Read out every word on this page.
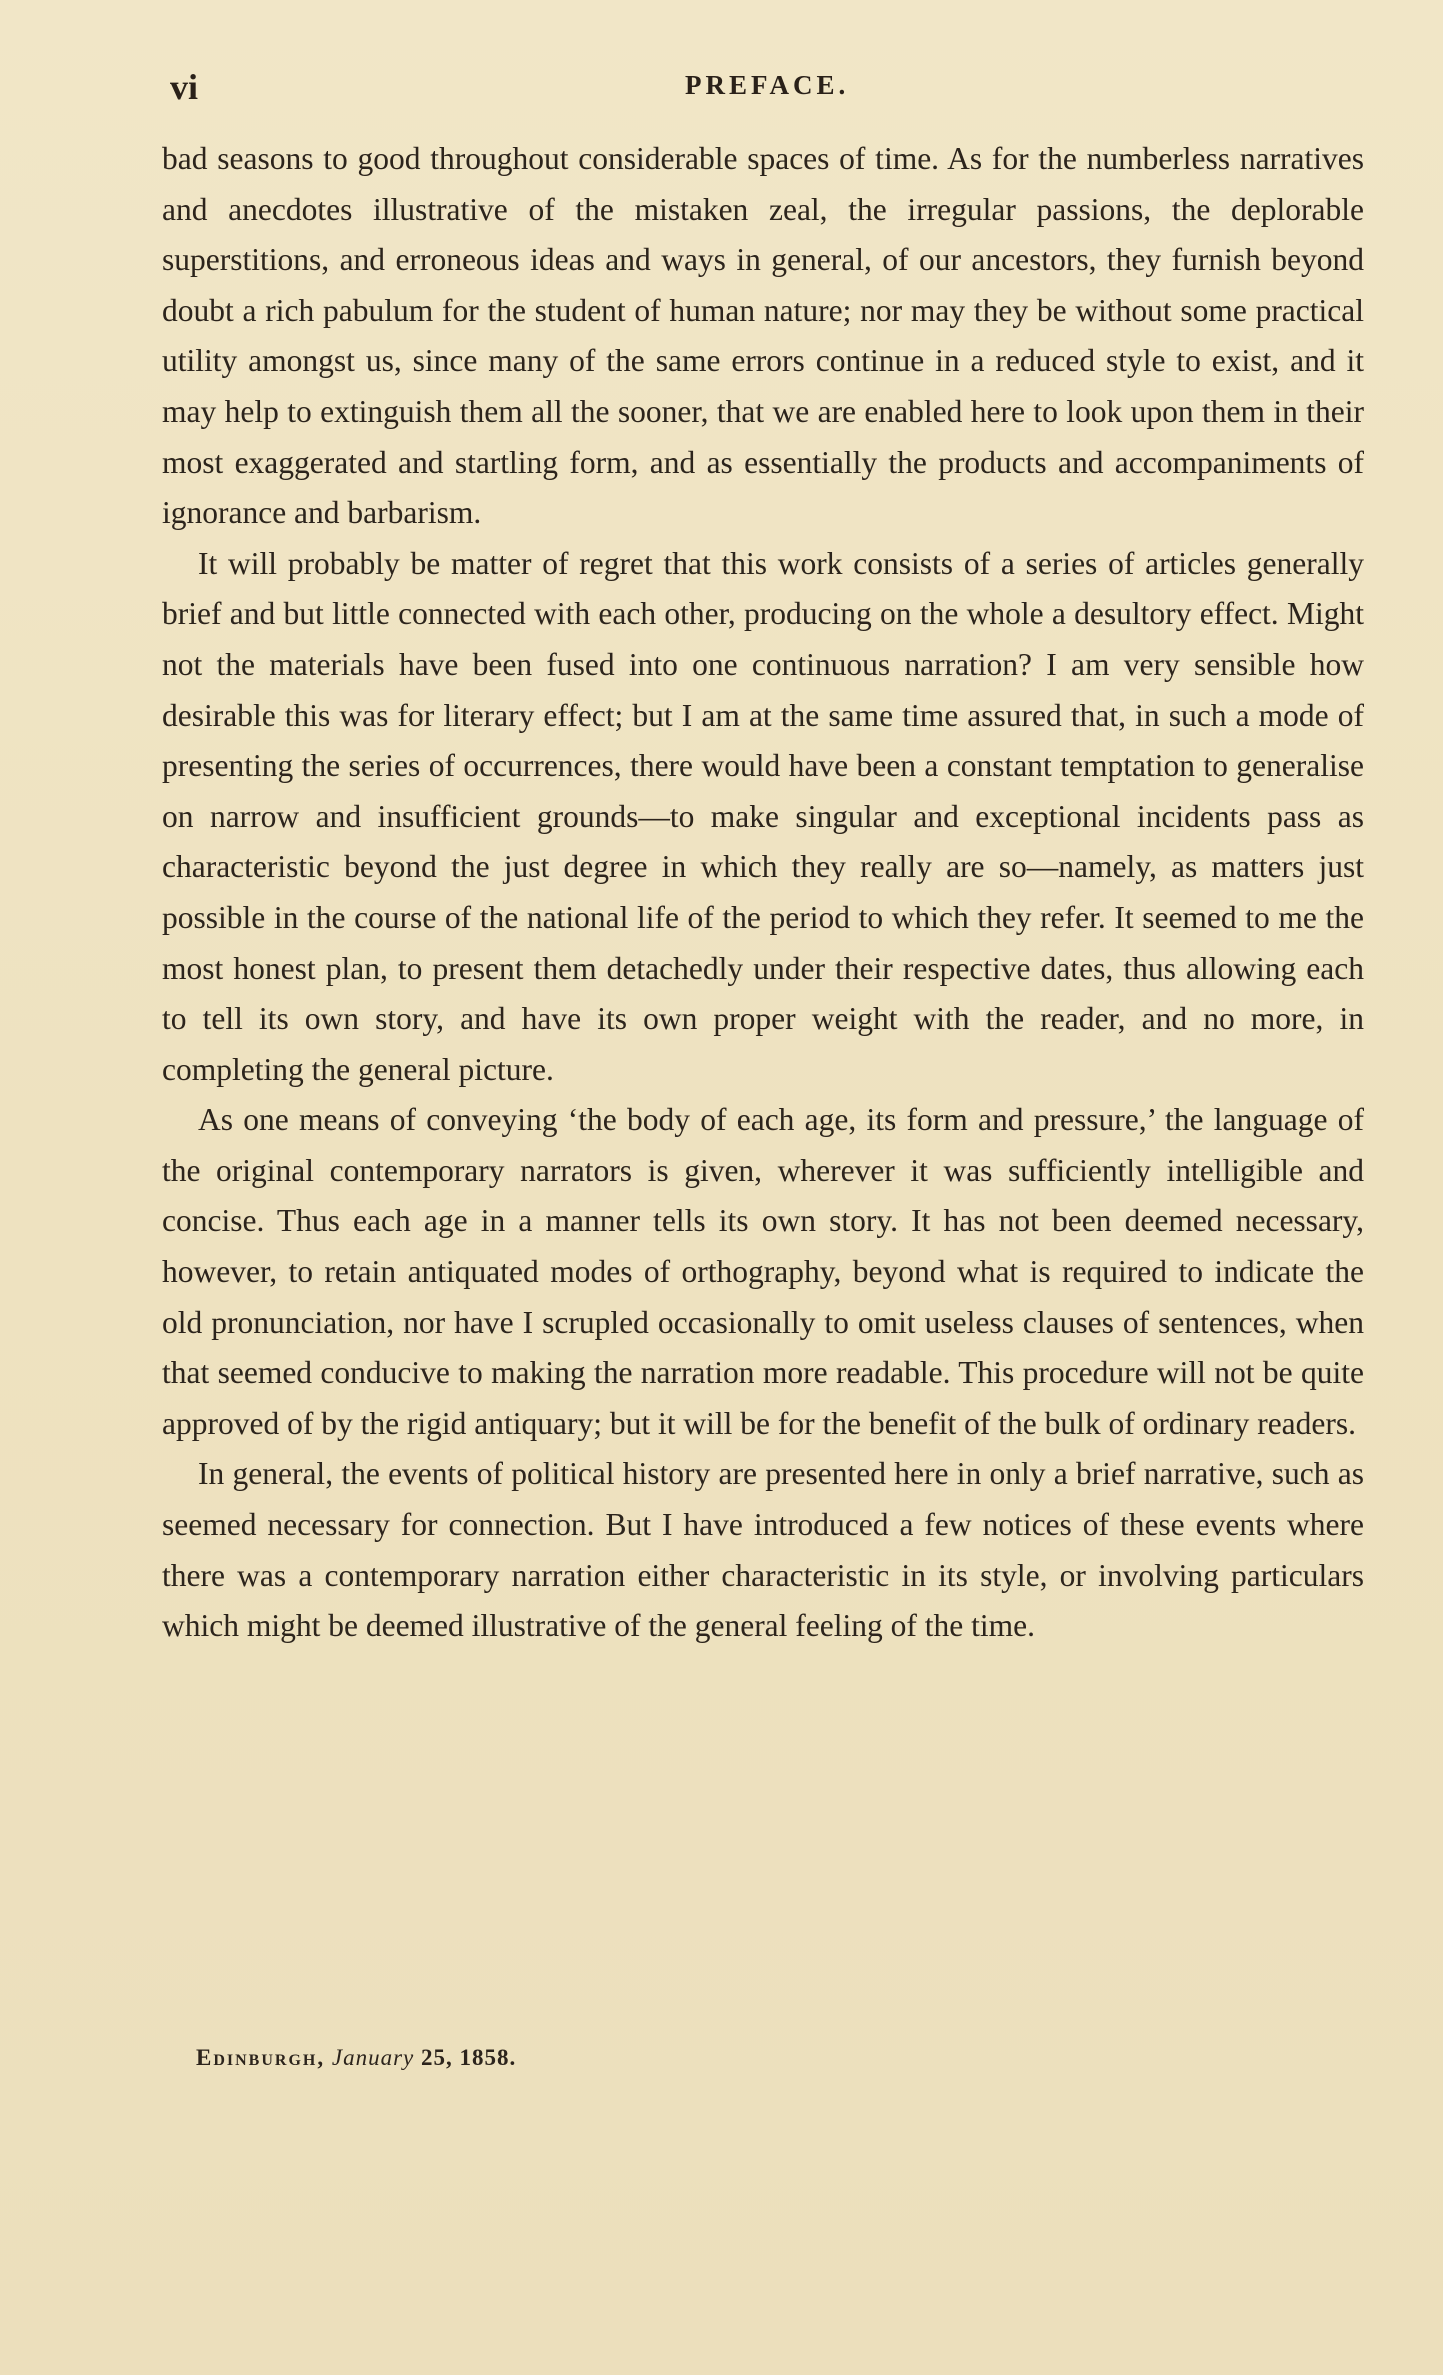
vi	PREFACE.

bad seasons to good throughout considerable spaces of time. As for the numberless narratives and anecdotes illustrative of the mistaken zeal, the irregular passions, the deplorable superstitions, and erroneous ideas and ways in general, of our ancestors, they furnish beyond doubt a rich pabulum for the student of human nature; nor may they be without some practical utility amongst us, since many of the same errors continue in a reduced style to exist, and it may help to extinguish them all the sooner, that we are enabled here to look upon them in their most exaggerated and startling form, and as essentially the products and accompaniments of ignorance and barbarism.

It will probably be matter of regret that this work consists of a series of articles generally brief and but little connected with each other, producing on the whole a desultory effect. Might not the materials have been fused into one continuous narration? I am very sensible how desirable this was for literary effect; but I am at the same time assured that, in such a mode of presenting the series of occurrences, there would have been a constant temptation to generalise on narrow and insufficient grounds—to make singular and exceptional incidents pass as characteristic beyond the just degree in which they really are so—namely, as matters just possible in the course of the national life of the period to which they refer. It seemed to me the most honest plan, to present them detachedly under their respective dates, thus allowing each to tell its own story, and have its own proper weight with the reader, and no more, in completing the general picture.

As one means of conveying ‘the body of each age, its form and pressure,’ the language of the original contemporary narrators is given, wherever it was sufficiently intelligible and concise. Thus each age in a manner tells its own story. It has not been deemed necessary, however, to retain antiquated modes of orthography, beyond what is required to indicate the old pronunciation, nor have I scrupled occasionally to omit useless clauses of sentences, when that seemed conducive to making the narration more readable. This procedure will not be quite approved of by the rigid antiquary; but it will be for the benefit of the bulk of ordinary readers.

In general, the events of political history are presented here in only a brief narrative, such as seemed necessary for connection. But I have introduced a few notices of these events where there was a contemporary narration either characteristic in its style, or involving particulars which might be deemed illustrative of the general feeling of the time.

Edinburgh, January 25, 1858.
